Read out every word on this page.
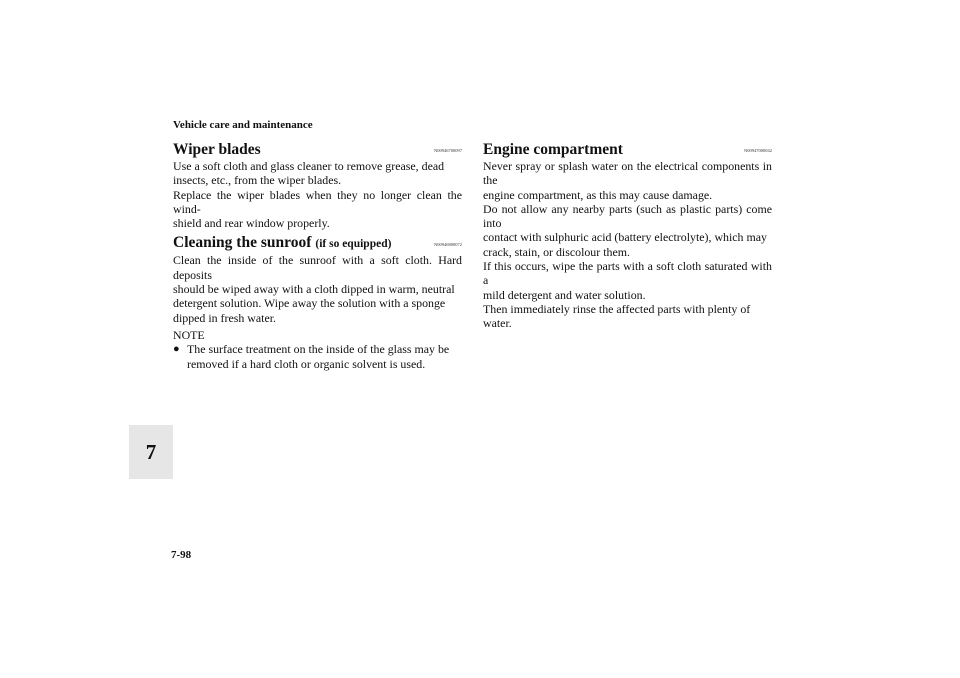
Vehicle care and maintenance
7
7-98
Wiper blades	N00946700097

Use a soft cloth and glass cleaner to remove grease, dead

insects, etc., from the wiper blades.

Replace the wiper blades when they no longer clean the wind-

shield and rear window properly.

Cleaning the sunroof (if so equipped)	N00946800072

Clean the inside of the sunroof with a soft cloth. Hard deposits

should be wiped away with a cloth dipped in warm, neutral

detergent solution. Wipe away the solution with a sponge

dipped in fresh water.

NOTE
● The surface treatment on the inside of the glass may be

removed if a hard cloth or organic solvent is used.

Engine compartment	N00947000042

Never spray or splash water on the electrical components in the

engine compartment, as this may cause damage.

Do not allow any nearby parts (such as plastic parts) come into

contact with sulphuric acid (battery electrolyte), which may

crack, stain, or discolour them.

If this occurs, wipe the parts with a soft cloth saturated with a

mild detergent and water solution.

Then immediately rinse the affected parts with plenty of water.
